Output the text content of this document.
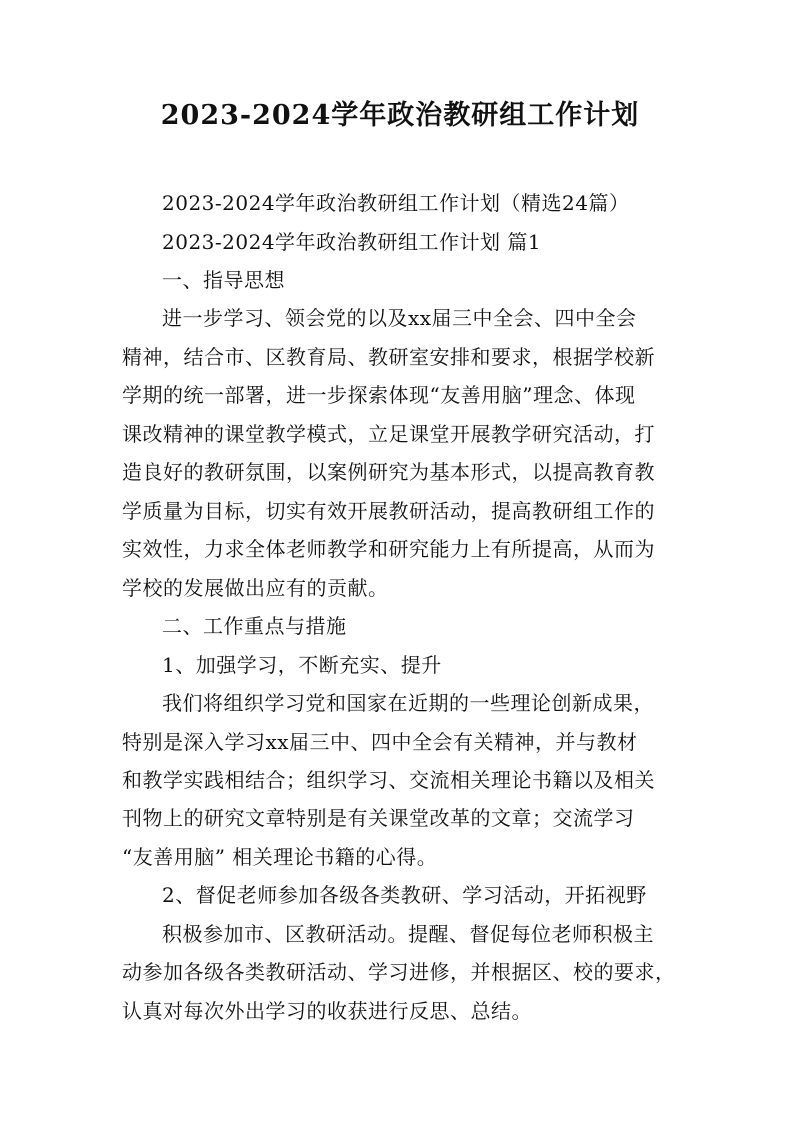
2023-2024学年政治教研组工作计划
2023-2024学年政治教研组工作计划（精选24篇）
2023-2024学年政治教研组工作计划 篇1
一、指导思想
进一步学习、领会党的以及xx届三中全会、四中全会
精神，结合市、区教育局、教研室安排和要求，根据学校新
学期的统一部署，进一步探索体现“友善用脑”理念、体现
课改精神的课堂教学模式，立足课堂开展教学研究活动，打
造良好的教研氛围，以案例研究为基本形式，以提高教育教
学质量为目标，切实有效开展教研活动，提高教研组工作的
实效性，力求全体老师教学和研究能力上有所提高，从而为
学校的发展做出应有的贡献。
二、工作重点与措施
1、加强学习，不断充实、提升
我们将组织学习党和国家在近期的一些理论创新成果，
特别是深入学习xx届三中、四中全会有关精神，并与教材
和教学实践相结合；组织学习、交流相关理论书籍以及相关
刊物上的研究文章特别是有关课堂改革的文章；交流学习
“友善用脑” 相关理论书籍的心得。
2、督促老师参加各级各类教研、学习活动，开拓视野
积极参加市、区教研活动。提醒、督促每位老师积极主
动参加各级各类教研活动、学习进修，并根据区、校的要求，
认真对每次外出学习的收获进行反思、总结。
